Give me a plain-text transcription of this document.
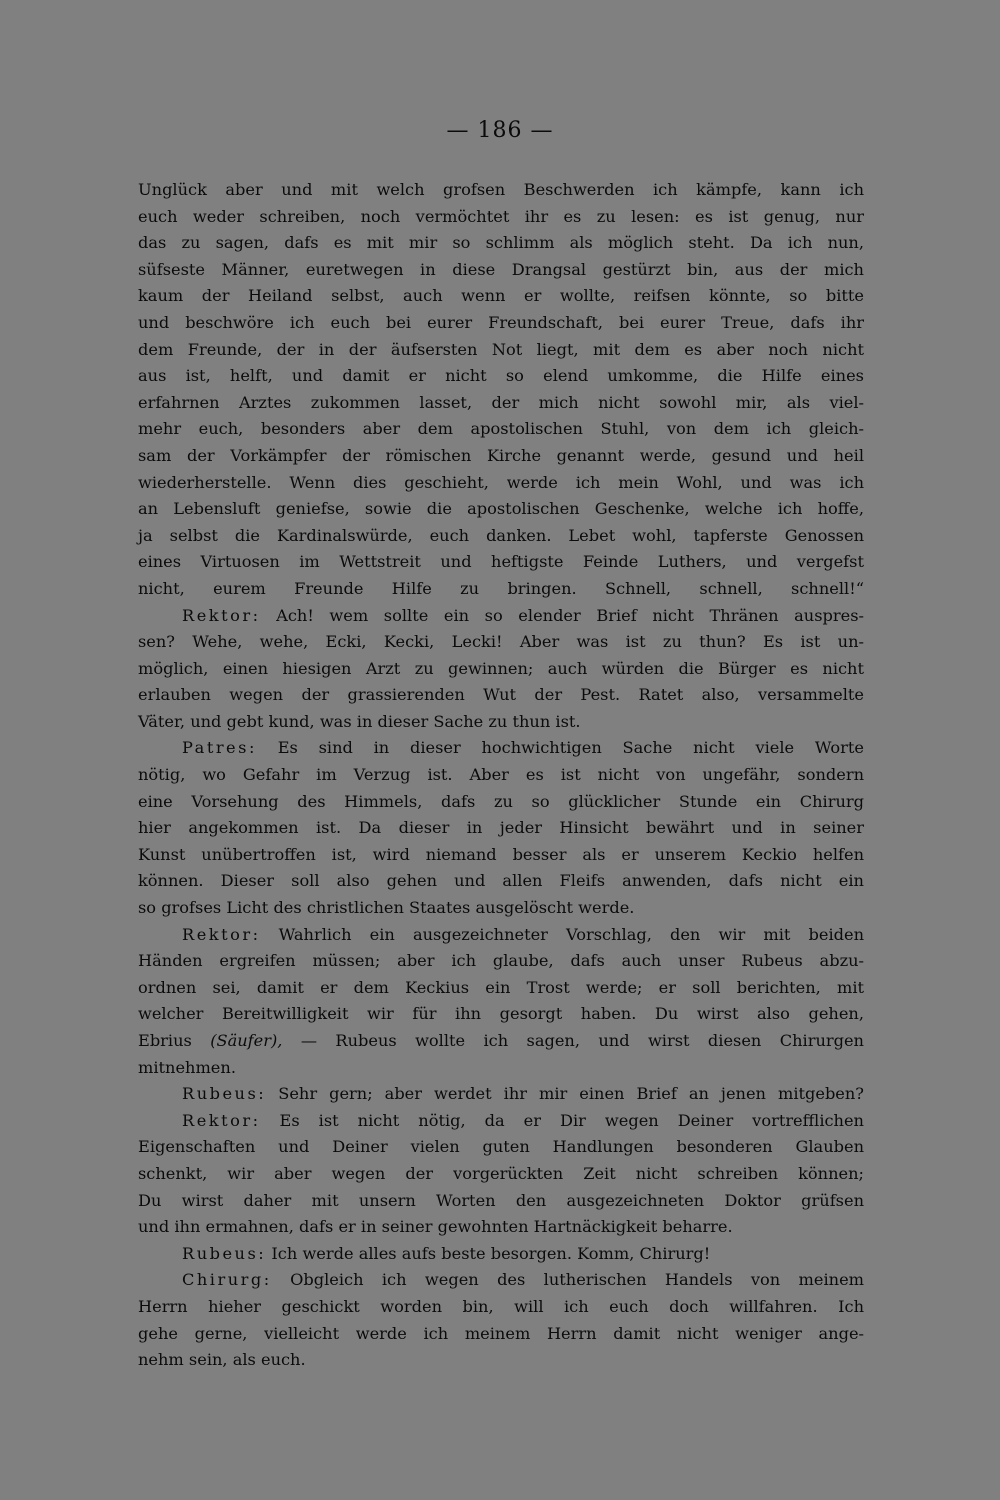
— 186 —
Unglück aber und mit welch grofsen Beschwerden ich kämpfe, kann ich
euch weder schreiben, noch vermöchtet ihr es zu lesen: es ist genug, nur
das zu sagen, dafs es mit mir so schlimm als möglich steht. Da ich nun,
süfseste Männer, euretwegen in diese Drangsal gestürzt bin, aus der mich
kaum der Heiland selbst, auch wenn er wollte, reifsen könnte, so bitte
und beschwöre ich euch bei eurer Freundschaft, bei eurer Treue, dafs ihr
dem Freunde, der in der äufsersten Not liegt, mit dem es aber noch nicht
aus ist, helft, und damit er nicht so elend umkomme, die Hilfe eines
erfahrnen Arztes zukommen lasset, der mich nicht sowohl mir, als viel-
mehr euch, besonders aber dem apostolischen Stuhl, von dem ich gleich-
sam der Vorkämpfer der römischen Kirche genannt werde, gesund und heil
wiederherstelle. Wenn dies geschieht, werde ich mein Wohl, und was ich
an Lebensluft geniefse, sowie die apostolischen Geschenke, welche ich hoffe,
ja selbst die Kardinalswürde, euch danken. Lebet wohl, tapferste Genossen
eines Virtuosen im Wettstreit und heftigste Feinde Luthers, und vergefst
nicht, eurem Freunde Hilfe zu bringen. Schnell, schnell, schnell!“
Rektor: Ach! wem sollte ein so elender Brief nicht Thränen auspres-
sen? Wehe, wehe, Ecki, Kecki, Lecki! Aber was ist zu thun? Es ist un-
möglich, einen hiesigen Arzt zu gewinnen; auch würden die Bürger es nicht
erlauben wegen der grassierenden Wut der Pest. Ratet also, versammelte
Väter, und gebt kund, was in dieser Sache zu thun ist.
Patres: Es sind in dieser hochwichtigen Sache nicht viele Worte
nötig, wo Gefahr im Verzug ist. Aber es ist nicht von ungefähr, sondern
eine Vorsehung des Himmels, dafs zu so glücklicher Stunde ein Chirurg
hier angekommen ist. Da dieser in jeder Hinsicht bewährt und in seiner
Kunst unübertroffen ist, wird niemand besser als er unserem Keckio helfen
können. Dieser soll also gehen und allen Fleifs anwenden, dafs nicht ein
so grofses Licht des christlichen Staates ausgelöscht werde.
Rektor: Wahrlich ein ausgezeichneter Vorschlag, den wir mit beiden
Händen ergreifen müssen; aber ich glaube, dafs auch unser Rubeus abzu-
ordnen sei, damit er dem Keckius ein Trost werde; er soll berichten, mit
welcher Bereitwilligkeit wir für ihn gesorgt haben. Du wirst also gehen,
Ebrius (Säufer), — Rubeus wollte ich sagen, und wirst diesen Chirurgen
mitnehmen.
Rubeus: Sehr gern; aber werdet ihr mir einen Brief an jenen mitgeben?
Rektor: Es ist nicht nötig, da er Dir wegen Deiner vortrefflichen
Eigenschaften und Deiner vielen guten Handlungen besonderen Glauben
schenkt, wir aber wegen der vorgerückten Zeit nicht schreiben können;
Du wirst daher mit unsern Worten den ausgezeichneten Doktor grüfsen
und ihn ermahnen, dafs er in seiner gewohnten Hartnäckigkeit beharre.
Rubeus: Ich werde alles aufs beste besorgen. Komm, Chirurg!
Chirurg: Obgleich ich wegen des lutherischen Handels von meinem
Herrn hieher geschickt worden bin, will ich euch doch willfahren. Ich
gehe gerne, vielleicht werde ich meinem Herrn damit nicht weniger ange-
nehm sein, als euch.
